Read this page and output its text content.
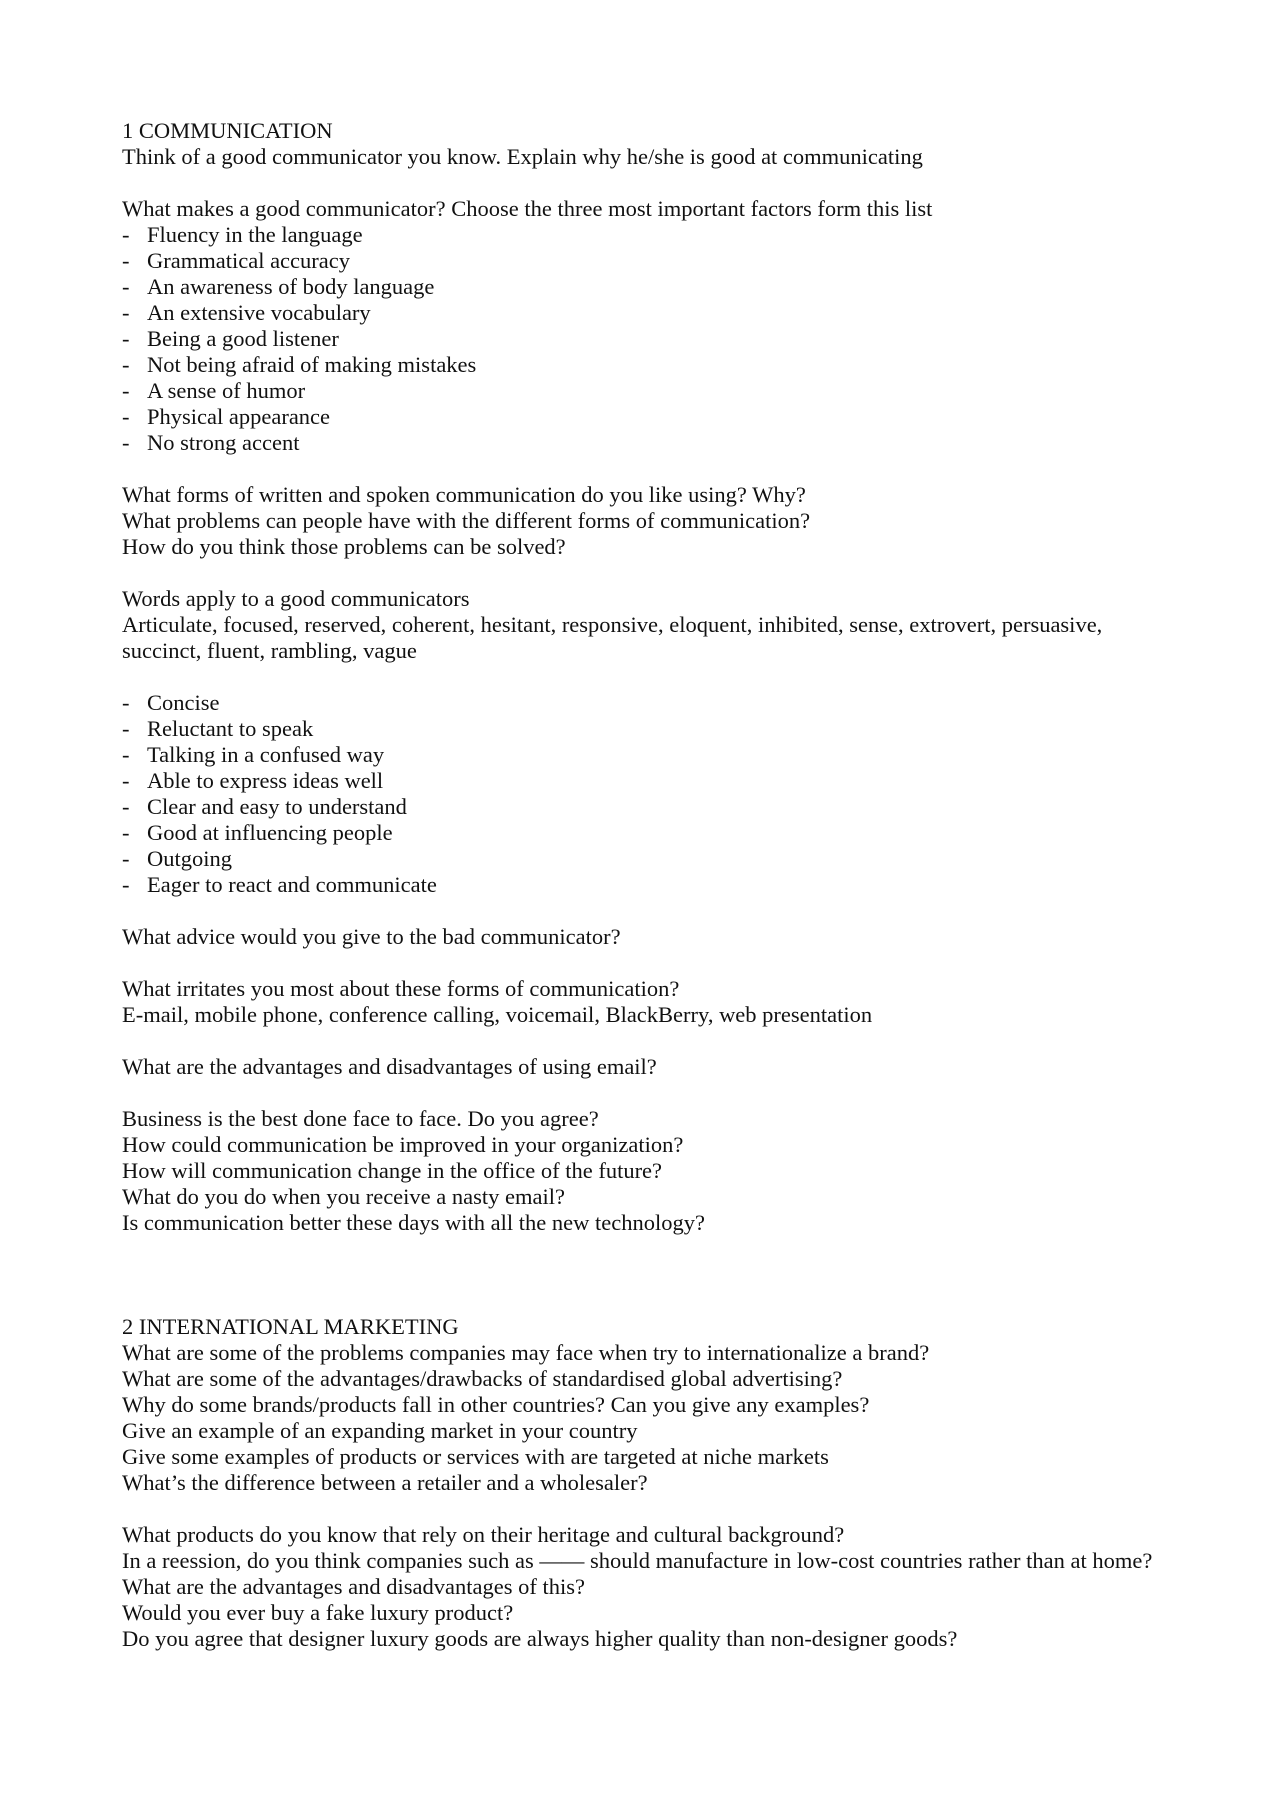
1 COMMUNICATION
Think of a good communicator you know. Explain why he/she is good at communicating
What makes a good communicator? Choose the three most important factors form this list
- Fluency in the language
- Grammatical accuracy
- An awareness of body language
- An extensive vocabulary
- Being a good listener
- Not being afraid of making mistakes
- A sense of humor
- Physical appearance
- No strong accent
What forms of written and spoken communication do you like using? Why?
What problems can people have with the different forms of communication?
How do you think those problems can be solved?
Words apply to a good communicators
Articulate, focused, reserved, coherent, hesitant, responsive, eloquent, inhibited, sense, extrovert, persuasive, succinct, fluent, rambling, vague
- Concise
- Reluctant to speak
- Talking in a confused way
- Able to express ideas well
- Clear and easy to understand
- Good at influencing people
- Outgoing
- Eager to react and communicate
What advice would you give to the bad communicator?
What irritates you most about these forms of communication?
E-mail, mobile phone, conference calling, voicemail, BlackBerry, web presentation
What are the advantages and disadvantages of using email?
Business is the best done face to face. Do you agree?
How could communication be improved in your organization?
How will communication change in the office of the future?
What do you do when you receive a nasty email?
Is communication better these days with all the new technology?
2 INTERNATIONAL MARKETING
What are some of the problems companies may face when try to internationalize a brand?
What are some of the advantages/drawbacks of standardised global advertising?
Why do some brands/products fall in other countries? Can you give any examples?
Give an example of an expanding market in your country
Give some examples of products or services with are targeted at niche markets
What’s the difference between a retailer and a wholesaler?
What products do you know that rely on their heritage and cultural background?
In a reession, do you think companies such as —— should manufacture in low-cost countries rather than at home? What are the advantages and disadvantages of this?
Would you ever buy a fake luxury product?
Do you agree that designer luxury goods are always higher quality than non-designer goods?
